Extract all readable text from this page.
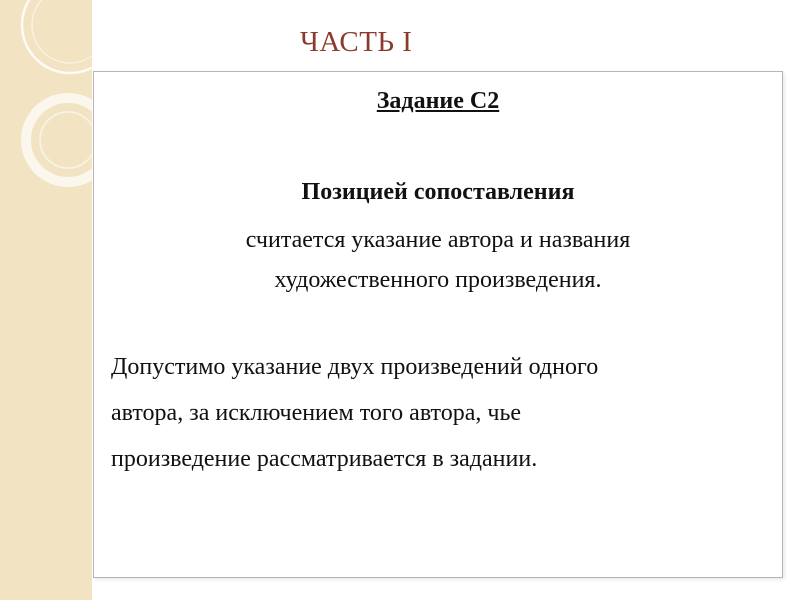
ЧАСТЬ I
Задание С2
Позицией сопоставления
считается указание автора и названия
художественного произведения.
Допустимо указание двух произведений одного
автора, за исключением того автора, чье
произведение рассматривается в задании.
